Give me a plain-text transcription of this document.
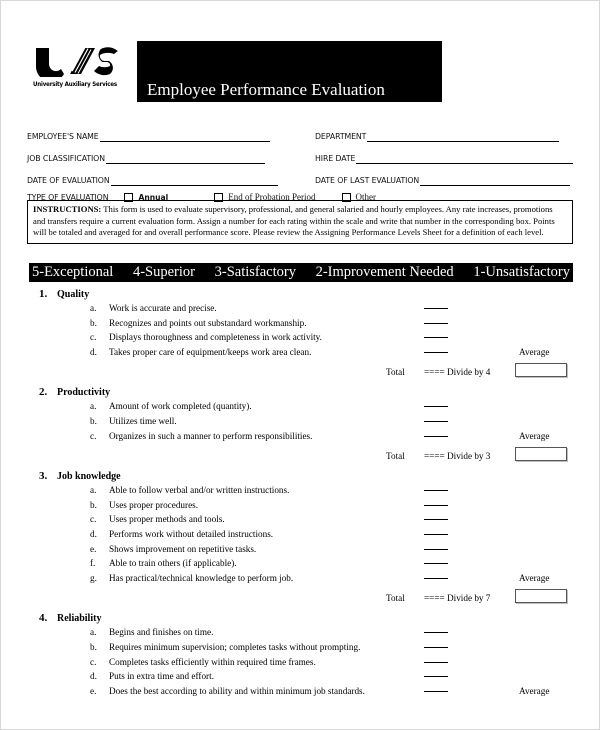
University Auxiliary Services Employee Performance Evaluation
EMPLOYEE'S NAME	DEPARTMENT
JOB CLASSIFICATION	HIRE DATE
DATE OF EVALUATION	DATE OF LAST EVALUATION
TYPE OF EVALUATION	Annual	End of Probation Period	Other
INSTRUCTIONS: This form is used to evaluate supervisory, professional, and general salaried and hourly employees. Any rate increases, promotions and transfers require a current evaluation form. Assign a number for each rating within the scale and write that number in the corresponding box. Points will be totaled and averaged for and overall performance score. Please review the Assigning Performance Levels Sheet for a definition of each level.
5-Exceptional 4-Superior 3-Satisfactory 2-Improvement Needed 1-Unsatisfactory
1. Quality
a.	Work is accurate and precise.
b.	Recognizes and points out substandard workmanship.
c.	Displays thoroughness and completeness in work activity.
d.	Takes proper care of equipment/keeps work area clean.	Average
Total ==== Divide by 4
2. Productivity
a.	Amount of work completed (quantity).
b.	Utilizes time well.
c.	Organizes in such a manner to perform responsibilities.	Average
Total ==== Divide by 3
3. Job knowledge
a.	Able to follow verbal and/or written instructions.
b.	Uses proper procedures.
c.	Uses proper methods and tools.
d.	Performs work without detailed instructions.
e.	Shows improvement on repetitive tasks.
f.	Able to train others (if applicable).
g.	Has practical/technical knowledge to perform job.	Average
Total ==== Divide by 7
4. Reliability
a.	Begins and finishes on time.
b.	Requires minimum supervision; completes tasks without prompting.
c.	Completes tasks efficiently within required time frames.
d.	Puts in extra time and effort.
e.	Does the best according to ability and within minimum job standards.	Average
